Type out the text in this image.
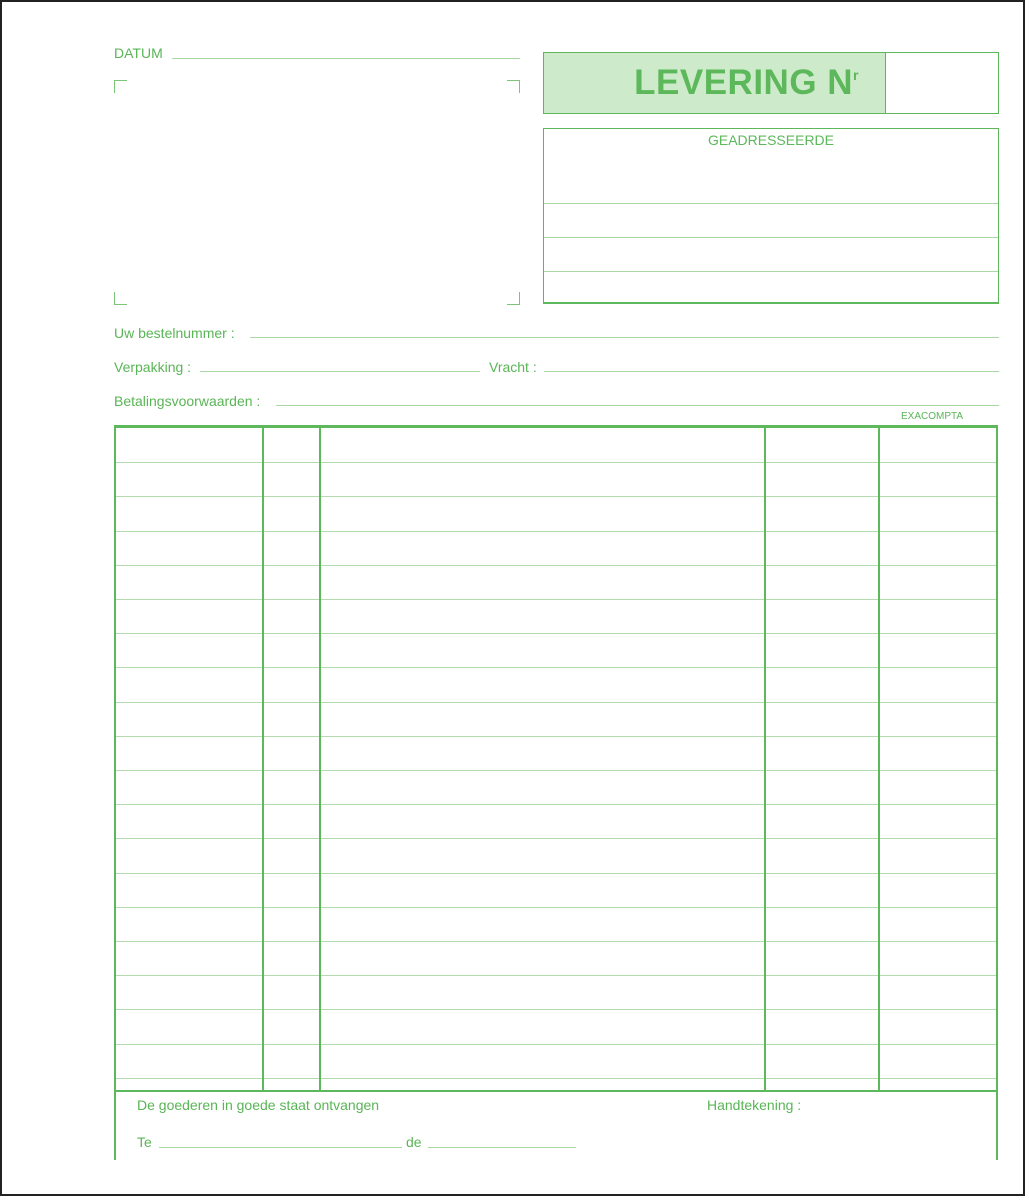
DATUM
LEVERING $N^r$
GEADRESSEERDE
Uw bestelnummer :
Verpakking :	Vracht :
Betalingsvoorwaarden :
EXACOMPTA
De goederen in goede staat ontvangen	Handtekening :
Te	de
